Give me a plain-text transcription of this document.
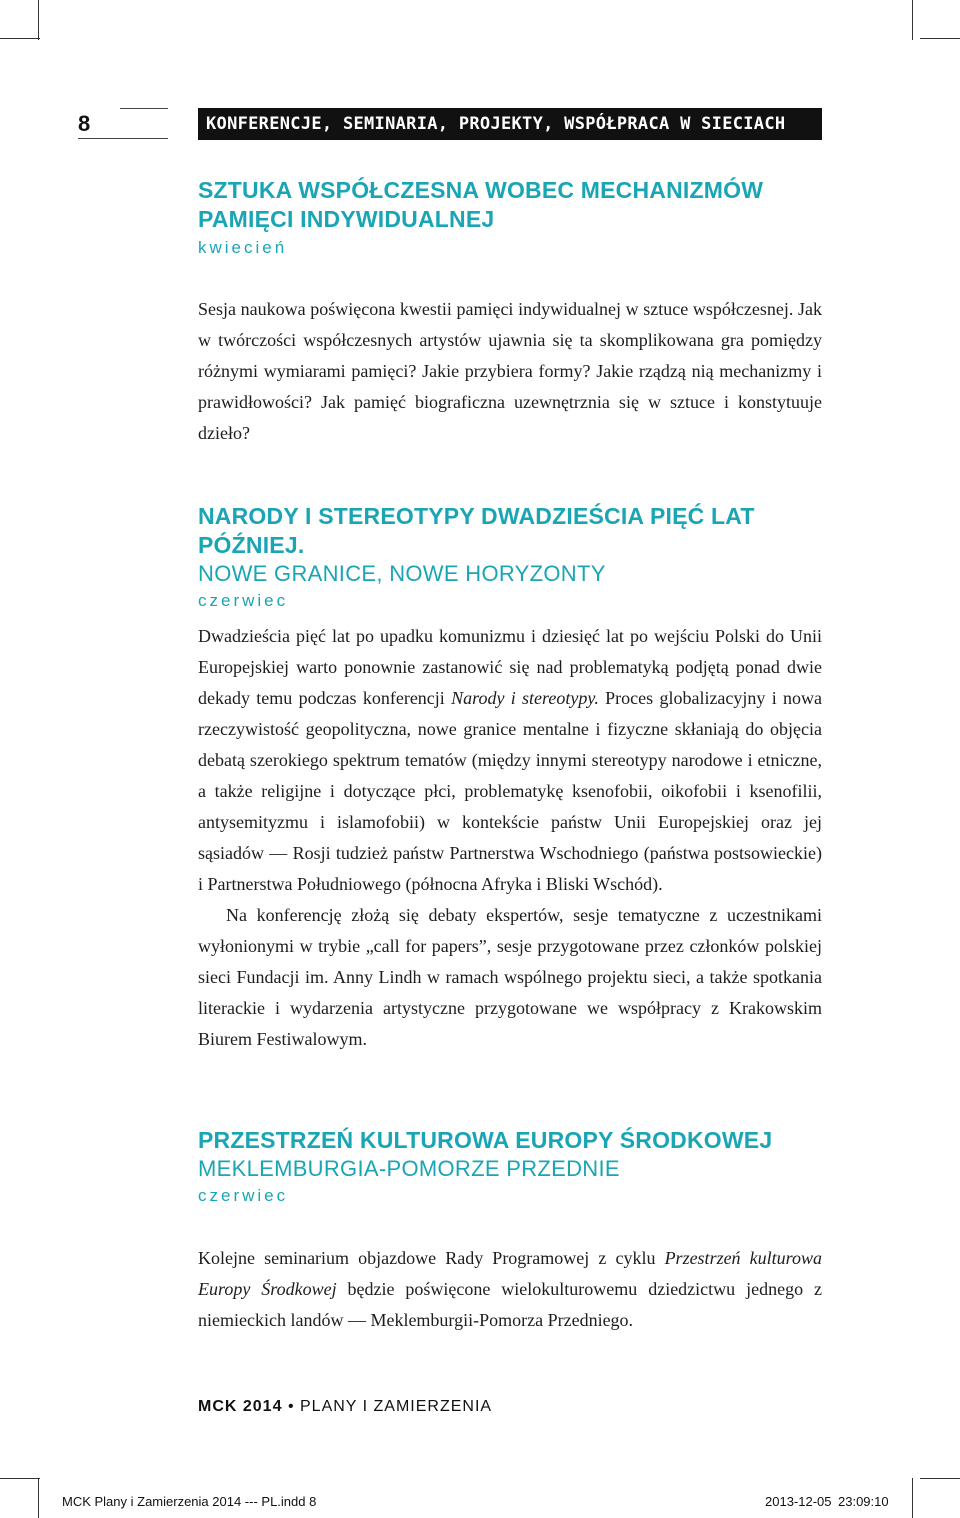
8	KONFERENCJE, SEMINARIA, PROJEKTY, WSPÓŁPRACA W SIECIACH
SZTUKA WSPÓŁCZESNA WOBEC MECHANIZMÓW PAMIĘCI INDYWIDUALNEJ
kwiecień

Sesja naukowa poświęcona kwestii pamięci indywidualnej w sztuce współczesnej. Jak w twórczości współczesnych artystów ujawnia się ta skomplikowana gra pomiędzy różnymi wymiarami pamięci? Jakie przybiera formy? Jakie rządzą nią mechanizmy i prawidłowości? Jak pamięć biograficzna uzewnętrznia się w sztuce i konstytuuje dzieło?

NARODY I STEREOTYPY DWADZIEŚCIA PIĘĆ LAT PÓŹNIEJ.
NOWE GRANICE, NOWE HORYZONTY
czerwiec

Dwadzieścia pięć lat po upadku komunizmu i dziesięć lat po wejściu Polski do Unii Europejskiej warto ponownie zastanowić się nad problematyką podjętą ponad dwie dekady temu podczas konferencji Narody i stereotypy. Proces globalizacyjny i nowa rzeczywistość geopolityczna, nowe granice mentalne i fizyczne skłaniają do objęcia debatą szerokiego spektrum tematów (między innymi stereotypy narodowe i etniczne, a także religijne i dotyczące płci, problematykę ksenofobii, oikofobii i ksenofilii, antysemityzmu i islamofobii) w kontekście państw Unii Europejskiej oraz jej sąsiadów — Rosji tudzież państw Partnerstwa Wschodniego (państwa postsowieckie) i Partnerstwa Południowego (północna Afryka i Bliski Wschód).

Na konferencję złożą się debaty ekspertów, sesje tematyczne z uczestnikami wyłonionymi w trybie „call for papers”, sesje przygotowane przez członków polskiej sieci Fundacji im. Anny Lindh w ramach wspólnego projektu sieci, a także spotkania literackie i wydarzenia artystyczne przygotowane we współpracy z Krakowskim Biurem Festiwalowym.

PRZESTRZEŃ KULTUROWA EUROPY ŚRODKOWEJ
MEKLEMBURGIA-POMORZE PRZEDNIE
czerwiec

Kolejne seminarium objazdowe Rady Programowej z cyklu Przestrzeń kulturowa Europy Środkowej będzie poświęcone wielokulturowemu dziedzictwu jednego z niemieckich landów — Meklemburgii-Pomorza Przedniego.

MCK 2014 • PLANY I ZAMIERZENIA
MCK Plany i Zamierzenia 2014 --- PL.indd 8	2013-12-05 23:09:10
